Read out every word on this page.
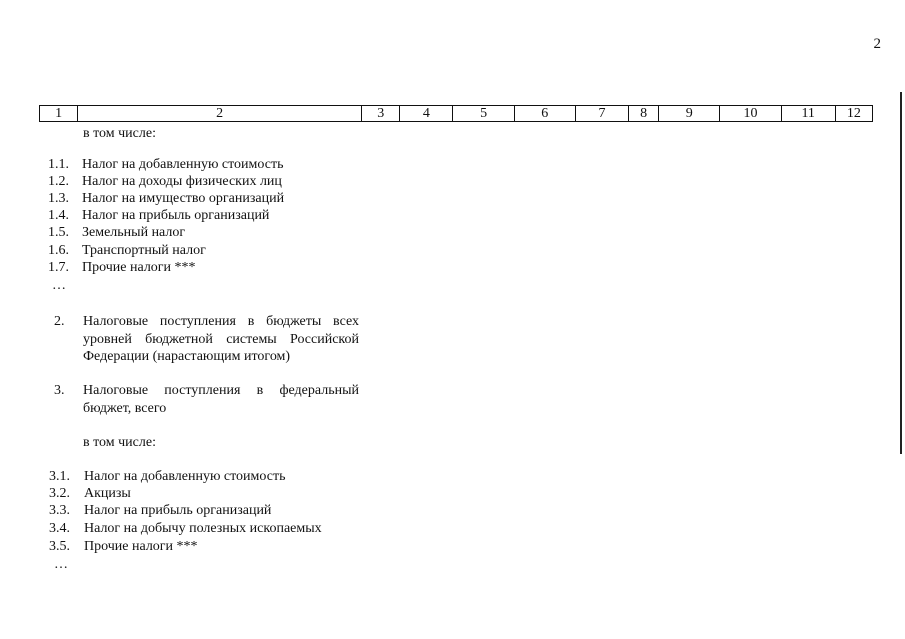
2
1	2	3	4	5	6	7	8	9	10	11	12
в том числе:
1.1. Налог на добавленную стоимость
1.2. Налог на доходы физических лиц
1.3. Налог на имущество организаций
1.4. Налог на прибыль организаций
1.5. Земельный налог
1.6. Транспортный налог
1.7. Прочие налоги ***
…
2. Налоговые поступления в бюджеты всех
уровней бюджетной системы Российской
Федерации (нарастающим итогом)
3. Налоговые поступления в федеральный
бюджет, всего
в том числе:
3.1. Налог на добавленную стоимость
3.2. Акцизы
3.3. Налог на прибыль организаций
3.4. Налог на добычу полезных ископаемых
3.5. Прочие налоги ***
…
